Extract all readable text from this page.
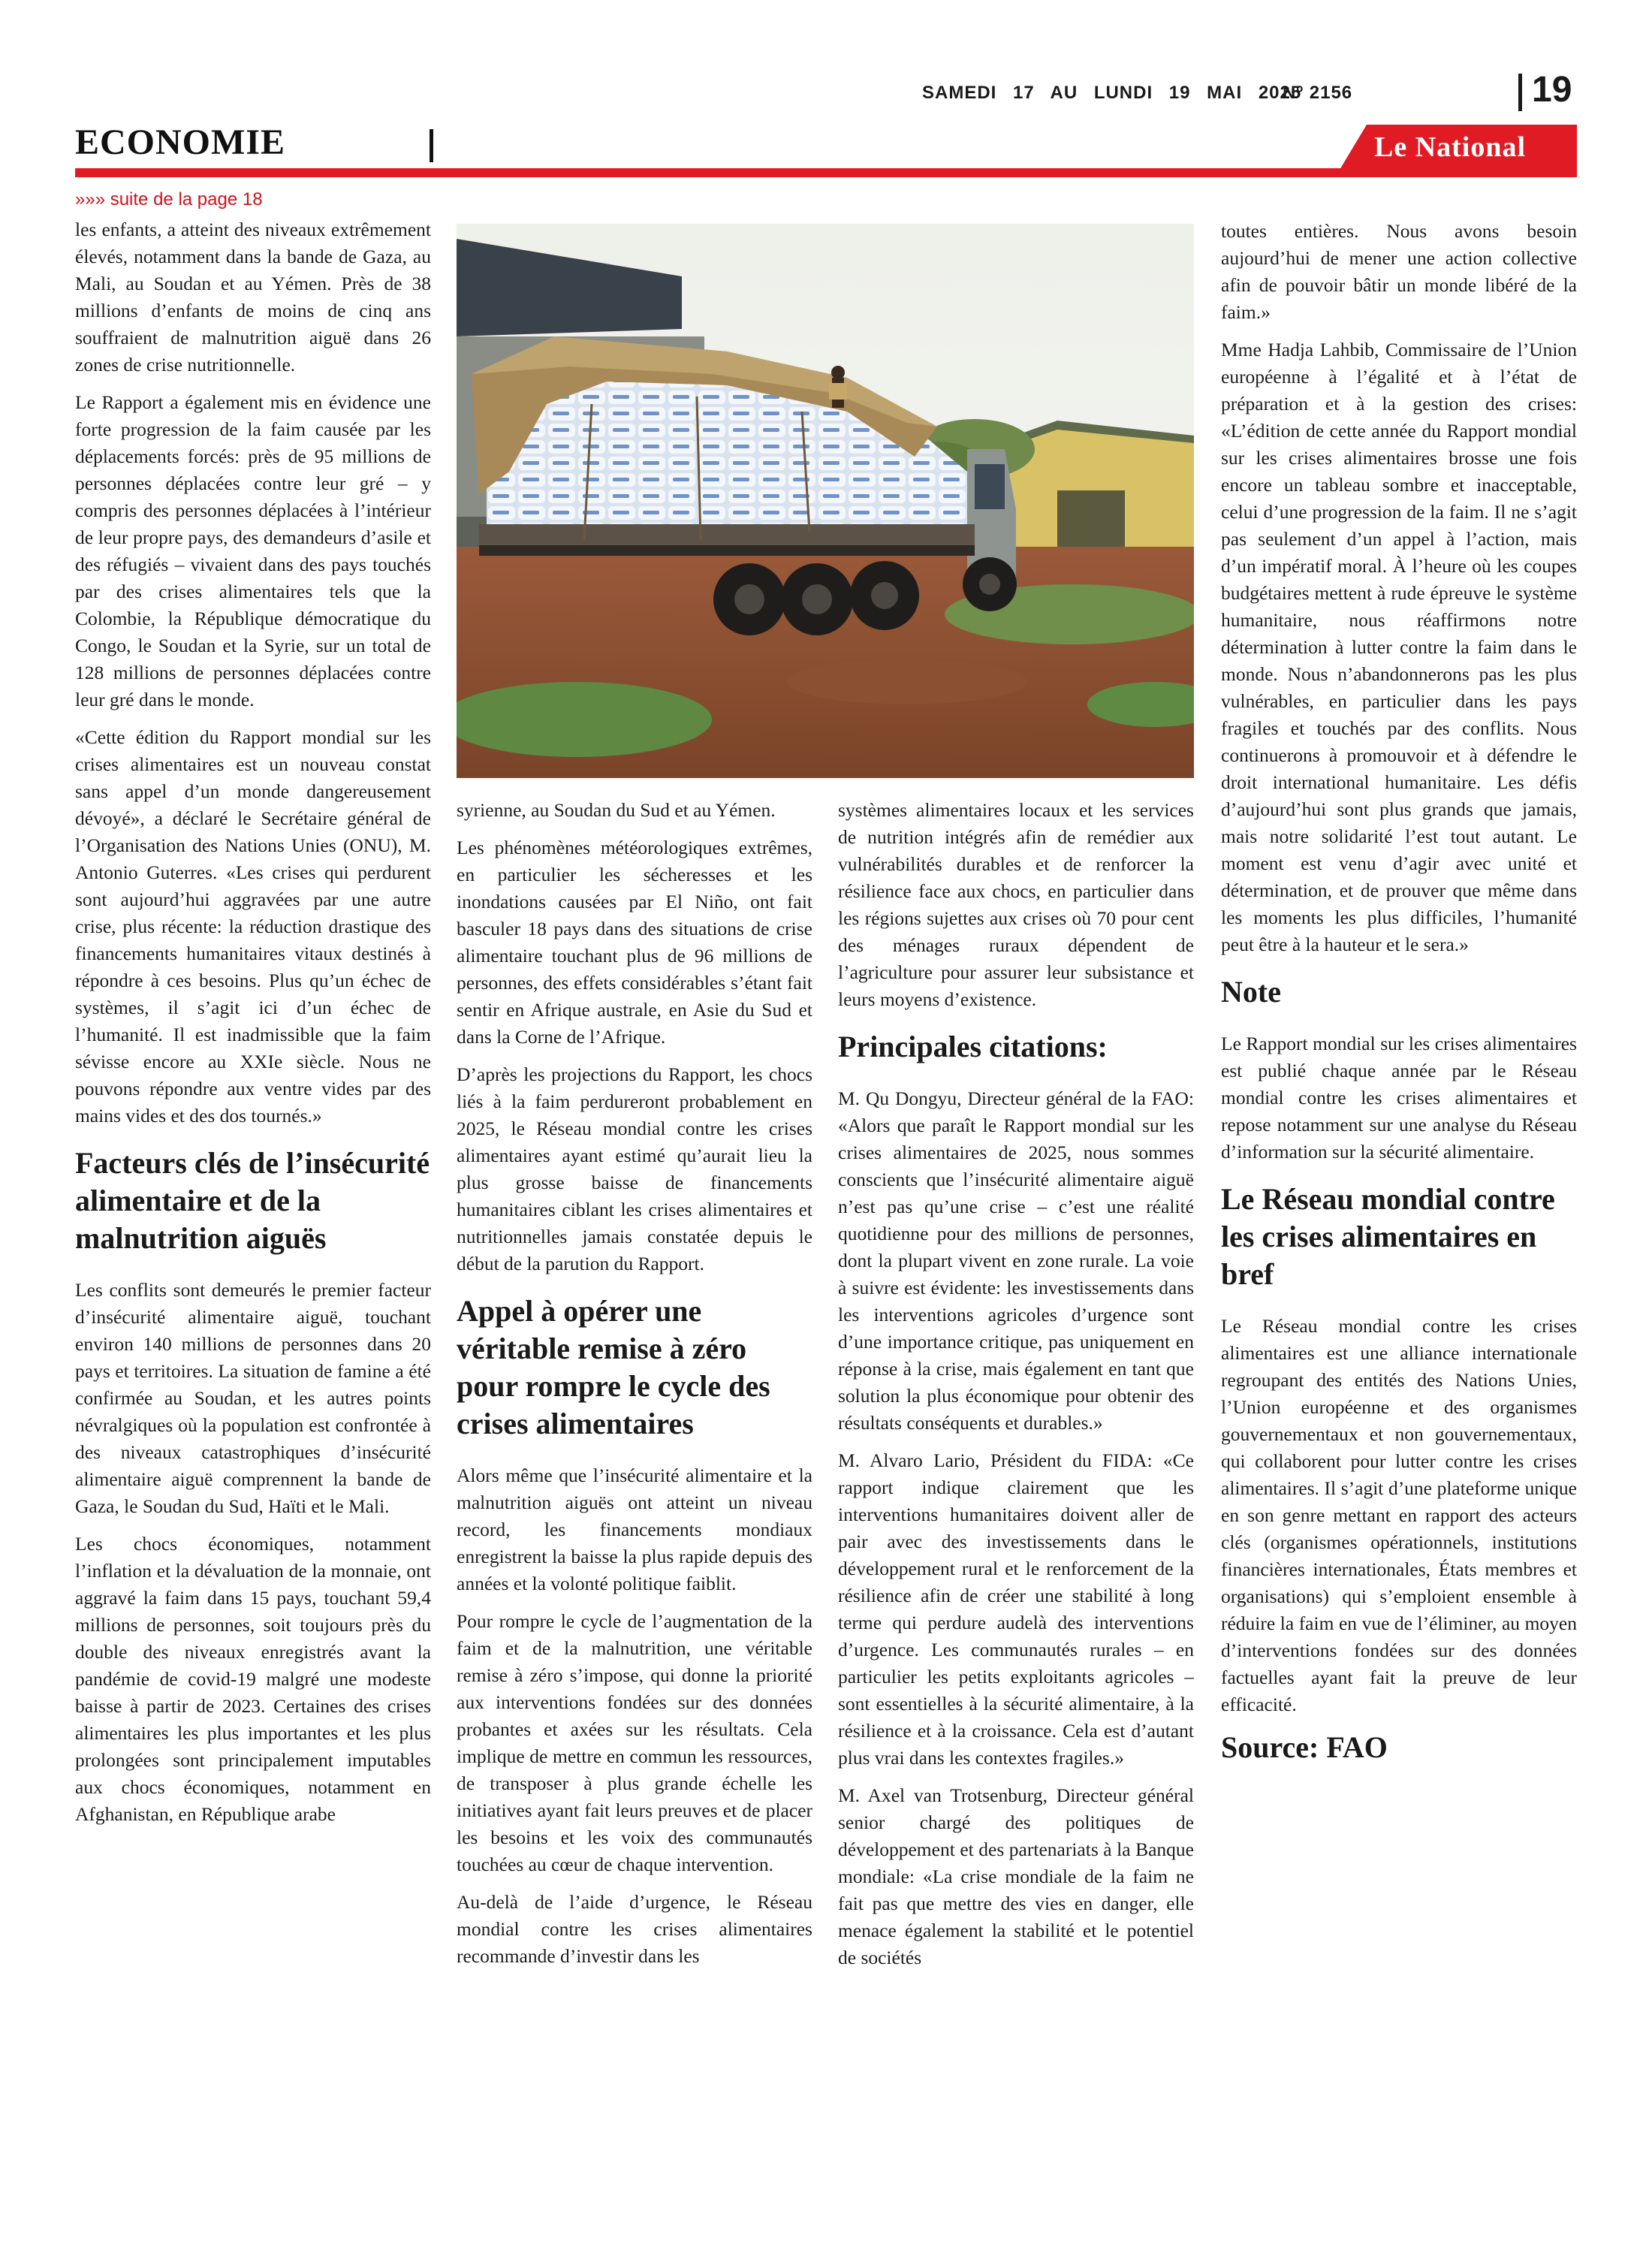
SAMEDI 17 AU LUNDI 19 MAI 2025
Nº 2156	19
ECONOMIE	Le National
»»» suite de la page 18

les enfants, a atteint des niveaux extrêmement élevés, notamment dans la bande de Gaza, au Mali, au Soudan et au Yémen. Près de 38 millions d’enfants de moins de cinq ans souffraient de malnutrition aiguë dans 26 zones de crise nutritionnelle.

Le Rapport a également mis en évidence une forte progression de la faim causée par les déplacements forcés: près de 95 millions de personnes déplacées contre leur gré – y compris des personnes déplacées à l’intérieur de leur propre pays, des demandeurs d’asile et des réfugiés – vivaient dans des pays touchés par des crises alimentaires tels que la Colombie, la République démocratique du Congo, le Soudan et la Syrie, sur un total de 128 millions de personnes déplacées contre leur gré dans le monde.

«Cette édition du Rapport mondial sur les crises alimentaires est un nouveau constat sans appel d’un monde dangereusement dévoyé», a déclaré le Secrétaire général de l’Organisation des Nations Unies (ONU), M. Antonio Guterres. «Les crises qui perdurent sont aujourd’hui aggravées par une autre crise, plus récente: la réduction drastique des financements humanitaires vitaux destinés à répondre à ces besoins. Plus qu’un échec de systèmes, il s’agit ici d’un échec de l’humanité. Il est inadmissible que la faim sévisse encore au XXIe siècle. Nous ne pouvons répondre aux ventre vides par des mains vides et des dos tournés.»

Facteurs clés de l’insécurité alimentaire et de la malnutrition aiguës

Les conflits sont demeurés le premier facteur d’insécurité alimentaire aiguë, touchant environ 140 millions de personnes dans 20 pays et territoires. La situation de famine a été confirmée au Soudan, et les autres points névralgiques où la population est confrontée à des niveaux catastrophiques d’insécurité alimentaire aiguë comprennent la bande de Gaza, le Soudan du Sud, Haïti et le Mali.

Les chocs économiques, notamment l’inflation et la dévaluation de la monnaie, ont aggravé la faim dans 15 pays, touchant 59,4 millions de personnes, soit toujours près du double des niveaux enregistrés avant la pandémie de covid-19 malgré une modeste baisse à partir de 2023. Certaines des crises alimentaires les plus importantes et les plus prolongées sont principalement imputables aux chocs économiques, notamment en Afghanistan, en République arabe

syrienne, au Soudan du Sud et au Yémen.

Les phénomènes météorologiques extrêmes, en particulier les sécheresses et les inondations causées par El Niño, ont fait basculer 18 pays dans des situations de crise alimentaire touchant plus de 96 millions de personnes, des effets considérables s’étant fait sentir en Afrique australe, en Asie du Sud et dans la Corne de l’Afrique.

D’après les projections du Rapport, les chocs liés à la faim perdureront probablement en 2025, le Réseau mondial contre les crises alimentaires ayant estimé qu’aurait lieu la plus grosse baisse de financements humanitaires ciblant les crises alimentaires et nutritionnelles jamais constatée depuis le début de la parution du Rapport.

Appel à opérer une véritable remise à zéro pour rompre le cycle des crises alimentaires

Alors même que l’insécurité alimentaire et la malnutrition aiguës ont atteint un niveau record, les financements mondiaux enregistrent la baisse la plus rapide depuis des années et la volonté politique faiblit.

Pour rompre le cycle de l’augmentation de la faim et de la malnutrition, une véritable remise à zéro s’impose, qui donne la priorité aux interventions fondées sur des données probantes et axées sur les résultats. Cela implique de mettre en commun les ressources, de transposer à plus grande échelle les initiatives ayant fait leurs preuves et de placer les besoins et les voix des communautés touchées au cœur de chaque intervention.

Au-delà de l’aide d’urgence, le Réseau mondial contre les crises alimentaires recommande d’investir dans les

systèmes alimentaires locaux et les services de nutrition intégrés afin de remédier aux vulnérabilités durables et de renforcer la résilience face aux chocs, en particulier dans les régions sujettes aux crises où 70 pour cent des ménages ruraux dépendent de l’agriculture pour assurer leur subsistance et leurs moyens d’existence.

Principales citations:

M. Qu Dongyu, Directeur général de la FAO: «Alors que paraît le Rapport mondial sur les crises alimentaires de 2025, nous sommes conscients que l’insécurité alimentaire aiguë n’est pas qu’une crise – c’est une réalité quotidienne pour des millions de personnes, dont la plupart vivent en zone rurale. La voie à suivre est évidente: les investissements dans les interventions agricoles d’urgence sont d’une importance critique, pas uniquement en réponse à la crise, mais également en tant que solution la plus économique pour obtenir des résultats conséquents et durables.»

M. Alvaro Lario, Président du FIDA: «Ce rapport indique clairement que les interventions humanitaires doivent aller de pair avec des investissements dans le développement rural et le renforcement de la résilience afin de créer une stabilité à long terme qui perdure audelà des interventions d’urgence. Les communautés rurales – en particulier les petits exploitants agricoles – sont essentielles à la sécurité alimentaire, à la résilience et à la croissance. Cela est d’autant plus vrai dans les contextes fragiles.»

M. Axel van Trotsenburg, Directeur général senior chargé des politiques de développement et des partenariats à la Banque mondiale: «La crise mondiale de la faim ne fait pas que mettre des vies en danger, elle menace également la stabilité et le potentiel de sociétés

toutes entières. Nous avons besoin aujourd’hui de mener une action collective afin de pouvoir bâtir un monde libéré de la faim.»

Mme Hadja Lahbib, Commissaire de l’Union européenne à l’égalité et à l’état de préparation et à la gestion des crises: «L’édition de cette année du Rapport mondial sur les crises alimentaires brosse une fois encore un tableau sombre et inacceptable, celui d’une progression de la faim. Il ne s’agit pas seulement d’un appel à l’action, mais d’un impératif moral. À l’heure où les coupes budgétaires mettent à rude épreuve le système humanitaire, nous réaffirmons notre détermination à lutter contre la faim dans le monde. Nous n’abandonnerons pas les plus vulnérables, en particulier dans les pays fragiles et touchés par des conflits. Nous continuerons à promouvoir et à défendre le droit international humanitaire. Les défis d’aujourd’hui sont plus grands que jamais, mais notre solidarité l’est tout autant. Le moment est venu d’agir avec unité et détermination, et de prouver que même dans les moments les plus difficiles, l’humanité peut être à la hauteur et le sera.»

Note

Le Rapport mondial sur les crises alimentaires est publié chaque année par le Réseau mondial contre les crises alimentaires et repose notamment sur une analyse du Réseau d’information sur la sécurité alimentaire.

Le Réseau mondial contre les crises alimentaires en bref

Le Réseau mondial contre les crises alimentaires est une alliance internationale regroupant des entités des Nations Unies, l’Union européenne et des organismes gouvernementaux et non gouvernementaux, qui collaborent pour lutter contre les crises alimentaires. Il s’agit d’une plateforme unique en son genre mettant en rapport des acteurs clés (organismes opérationnels, institutions financières internationales, États membres et organisations) qui s’emploient ensemble à réduire la faim en vue de l’éliminer, au moyen d’interventions fondées sur des données factuelles ayant fait la preuve de leur efficacité.

Source: FAO
